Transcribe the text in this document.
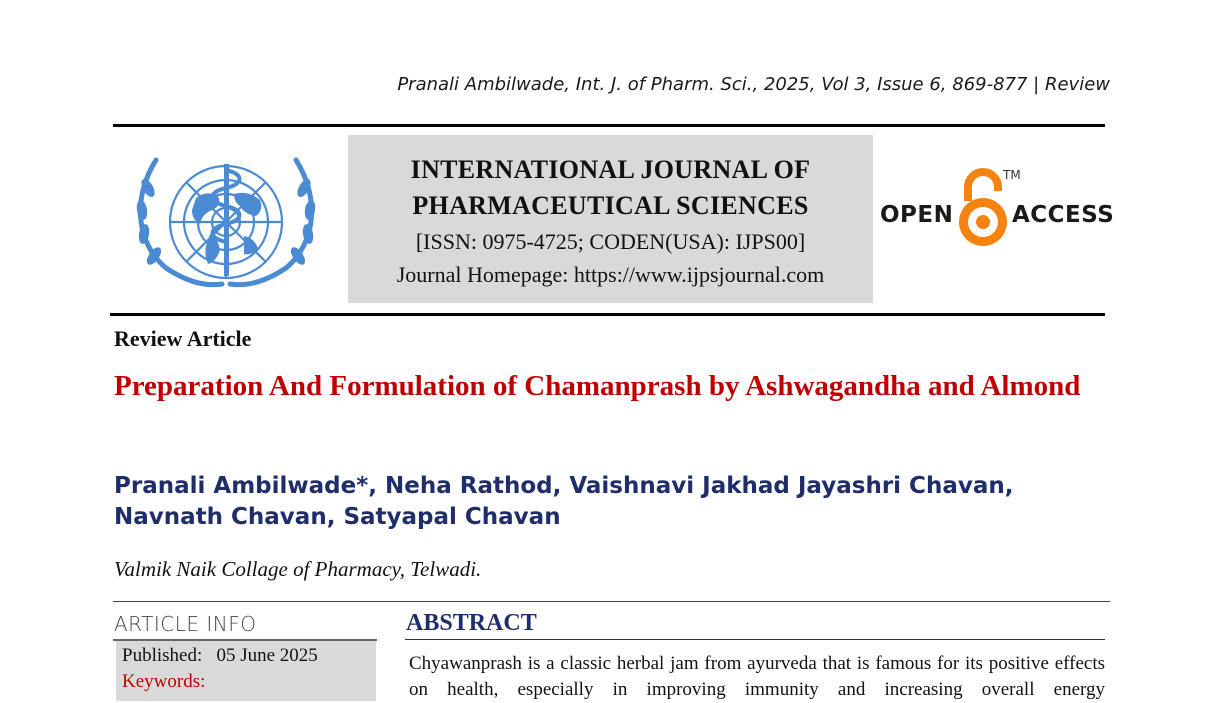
Pranali Ambilwade, Int. J. of Pharm. Sci., 2025, Vol 3, Issue 6, 869-877 | Review
INTERNATIONAL JOURNAL OF
PHARMACEUTICAL SCIENCES
[ISSN: 0975-4725; CODEN(USA): IJPS00]
Journal Homepage: https://www.ijpsjournal.com
OPEN
TM
ACCESS
Review Article
Preparation And Formulation of Chamanprash by Ashwagandha and Almond
Pranali Ambilwade*, Neha Rathod, Vaishnavi Jakhad Jayashri Chavan, Navnath Chavan, Satyapal Chavan
Valmik Naik Collage of Pharmacy, Telwadi.
ARTICLE INFO
Published:   05 June 2025
Keywords:
ABSTRACT
Chyawanprash is a classic herbal jam from ayurveda that is famous for its positive effects on health, especially in improving immunity and increasing overall energy
